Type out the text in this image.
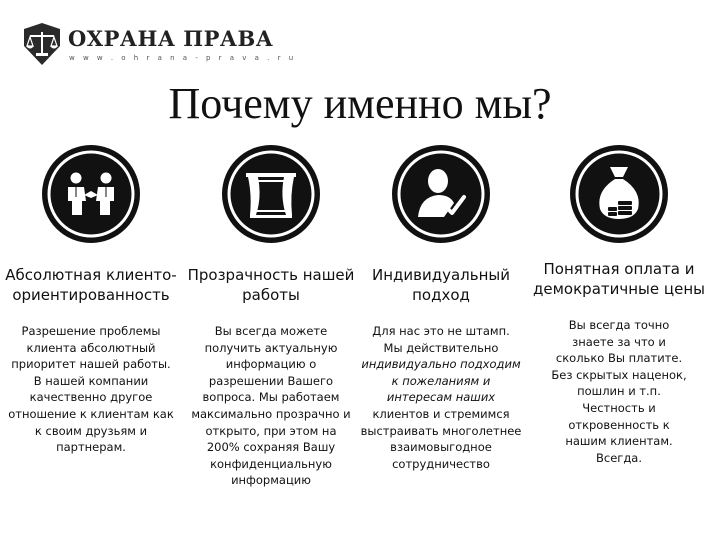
ОХРАНА ПРАВА
w w w . o h r a n a - p r a v a . r u
Почему именно мы?
Абсолютная клиенто-ориентированность
Разрешение проблемы
клиента абсолютный
приоритет нашей работы.
В нашей компании
качественно другое
отношение к клиентам как
к своим друзьям и
партнерам.
Прозрачность нашей работы
Вы всегда можете
получить актуальную
информацию о
разрешении Вашего
вопроса. Мы работаем
максимально прозрачно и
открыто, при этом на
200% сохраняя Вашу
конфиденциальную
информацию
Индивидуальный подход
Для нас это не штамп.
Мы действительно
индивидуально подходим
к пожеланиям и
интересам наших
клиентов и стремимся
выстраивать многолетнее
взаимовыгодное
сотрудничество
Понятная оплата и демократичные цены
Вы всегда точно
знаете за что и
сколько Вы платите.
Без скрытых наценок,
пошлин и т.п.
Честность и
откровенность к
нашим клиентам.
Всегда.
